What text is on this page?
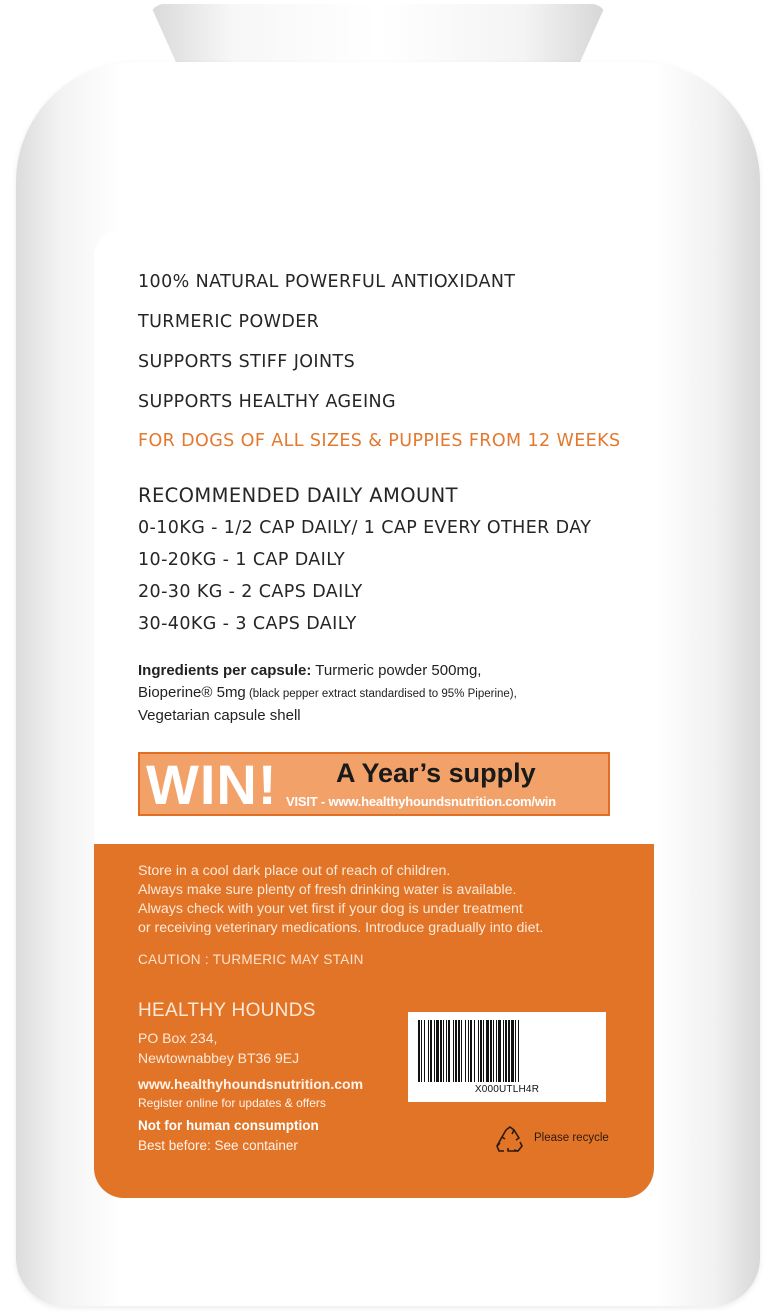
100% NATURAL POWERFUL ANTIOXIDANT
TURMERIC POWDER
SUPPORTS STIFF JOINTS
SUPPORTS HEALTHY AGEING
FOR DOGS OF ALL SIZES & PUPPIES FROM 12 WEEKS
RECOMMENDED DAILY AMOUNT
0-10KG - 1/2 CAP DAILY/ 1 CAP EVERY OTHER DAY
10-20KG - 1 CAP DAILY
20-30 KG - 2 CAPS DAILY
30-40KG - 3 CAPS DAILY
Ingredients per capsule: Turmeric powder 500mg,
Bioperine® 5mg (black pepper extract standardised to 95% Piperine),
Vegetarian capsule shell
WIN! A Year’s supply
VISIT - www.healthyhoundsnutrition.com/win
Store in a cool dark place out of reach of children.
Always make sure plenty of fresh drinking water is available.
Always check with your vet first if your dog is under treatment
or receiving veterinary medications. Introduce gradually into diet.
CAUTION : TURMERIC MAY STAIN
HEALTHY HOUNDS
PO Box 234,
Newtownabbey BT36 9EJ
www.healthyhoundsnutrition.com
Register online for updates & offers
Not for human consumption
Best before: See container
X000UTLH4R
Please recycle
